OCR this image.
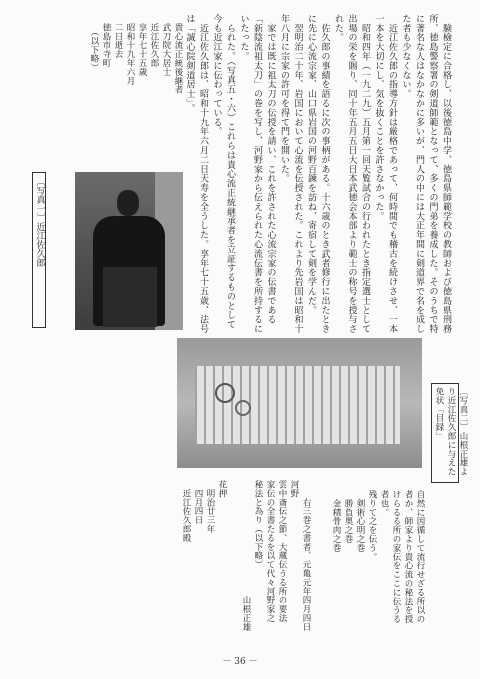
　験檢定に合格し、以後徳島中学、徳島県師範学校の教師および徳島県刑務所、徳島警察署の剣道師範となって、多くの門弟を養成した。そのうちで特に著名な人はなかなかに多いが、門人の中には大正年間に剣道界で名を成した者も少なくない。
　近江佐久郎の指導方針は厳格であって、何時間でも稽古を続けさせ、一本一本を大切にし、気を抜くことを許さなかった。
　昭和四年（一九二九）五月第一回天覧試合の行われたとき指定選士として出場の栄を賜り、同十年五月五日大日本武徳会本部より範士の称号を授与された。
　佐久郎の事績を語るに次の事柄がある。十六歳のとき武者修行に出たときに先に心流宗家、山口県岩国の河野百錬を訪ね、寄宿して剣を学んだ。
　翌明治二十年、岩国において心流を伝授された。これより先岩国は昭和十年八月に宗家の許可を得て門を開いた。
　家では既に祖太刀の伝授を請い、これを許された心流宗家の伝書である「新陰流祖太刀」の巻を写し、河野家から伝えられた心流伝書を所持するにいたった。
　られた。（写真五・六）これらは貴心流正統継承者を立証するものとして今も近江家に伝わっている。
　近江佐久郎は、昭和十九年六月二日天寿を全うした。享年七十五歳、法号は「誠心院剣道居士」。
　貴心流正統後継者
　武刀院大居士
　近江佐久郎
　享年七十五歳
　昭和十九年六月
　二日逝去
　徳島市寺町
　　（以下略）
〔写真一〕近江佐久郎
〔写真二〕山根正雄より近江佐久郎に与えた免状「目録」
自然に因循して流行せざる所以の者か、師家より貴心流の秘法を授けらるる所の家伝をここに伝うる者也。
残りて之を伝う。
　剣術心明之巻
　勝負奥之巻
　金積骨肉之巻
　　右三巻之書者、元亀元年四月四日河野
雲中斎伝之節、大蔵伝うる所の要法
家伝の全書たるを以て代々河野家之
秘法と為り（以下略）
　　　　　　　　　　　　　山根正雄
　　　　　　　　　　　　　　　　　　花押
　明治廿三年
　四月四日
　近江佐久郎殿
－ 36 －
